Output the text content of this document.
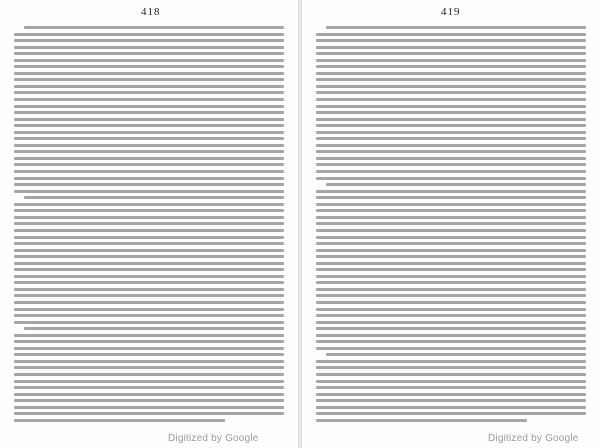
418
Digitized by Google
419
Digitized by Google
